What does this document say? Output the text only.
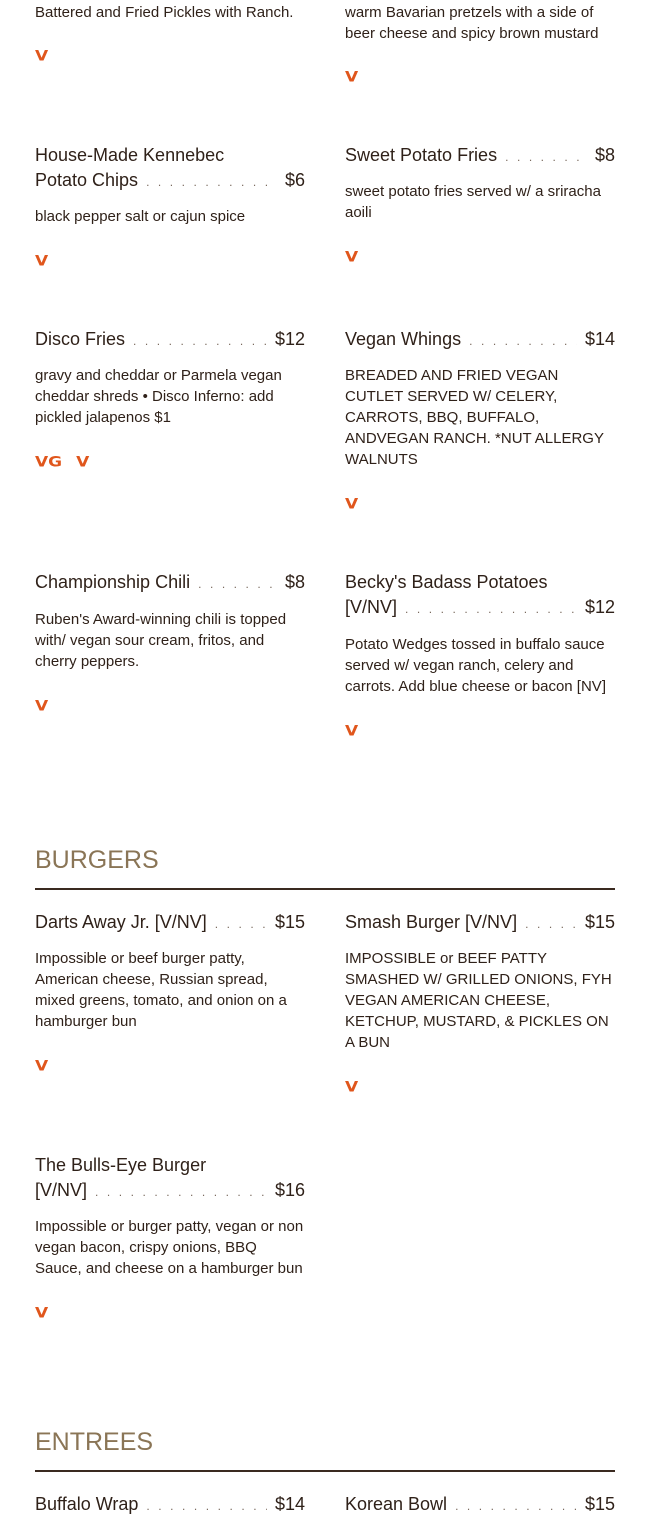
Battered and Fried Pickles with Ranch.
V
warm Bavarian pretzels with a side of beer cheese and spicy brown mustard
V
House-Made Kennebec
Potato Chips . . .	$6
black pepper salt or cajun spice
V
Sweet Potato Fries . . .	$8
sweet potato fries served w/ a sriracha aoili
V
Disco Fries . . .	$12
gravy and cheddar or Parmela vegan cheddar shreds • Disco Inferno: add pickled jalapenos $1
VG V
Vegan Whings . . .	$14
BREADED AND FRIED VEGAN CUTLET SERVED W/ CELERY, CARROTS, BBQ, BUFFALO, ANDVEGAN RANCH. *NUT ALLERGY WALNUTS
V
Championship Chili . . .	$8
Ruben's Award-winning chili is topped with/ vegan sour cream, fritos, and cherry peppers.
V
Becky's Badass Potatoes
[V/NV] . . .	$12
Potato Wedges tossed in buffalo sauce served w/ vegan ranch, celery and carrots. Add blue cheese or bacon [NV]
V
BURGERS
Darts Away Jr. [V/NV] . . .	$15
Impossible or beef burger patty, American cheese, Russian spread, mixed greens, tomato, and onion on a hamburger bun
V
Smash Burger [V/NV] . . .	$15
IMPOSSIBLE or BEEF PATTY SMASHED W/ GRILLED ONIONS, FYH VEGAN AMERICAN CHEESE, KETCHUP, MUSTARD, & PICKLES ON A BUN
V
The Bulls-Eye Burger
[V/NV] . . .	$16
Impossible or burger patty, vegan or non vegan bacon, crispy onions, BBQ Sauce, and cheese on a hamburger bun
V
ENTREES
Buffalo Wrap . . .	$14 Korean Bowl . . .	$15
